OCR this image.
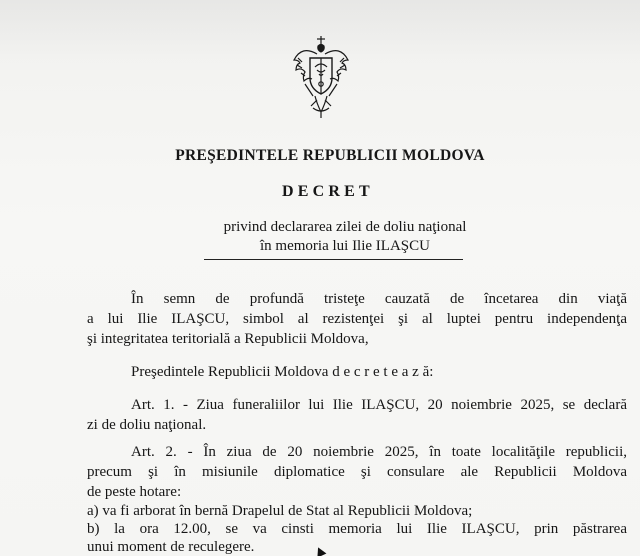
PREŞEDINTELE REPUBLICII MOLDOVA
DECRET
privind declararea zilei de doliu naţional
în memoria lui Ilie ILAŞCU
În semn de profundă tristeţe cauzată de încetarea din viaţă
a lui Ilie ILAŞCU, simbol al rezistenţei şi al luptei pentru independenţa
şi integritatea teritorială a Republicii Moldova,
Preşedintele Republicii Moldova d e c r e t e a z ă:
Art. 1. - Ziua funeraliilor lui Ilie ILAŞCU, 20 noiembrie 2025, se declară
zi de doliu naţional.
Art. 2. - În ziua de 20 noiembrie 2025, în toate localităţile republicii,
precum şi în misiunile diplomatice şi consulare ale Republicii Moldova
de peste hotare:
a) va fi arborat în bernă Drapelul de Stat al Republicii Moldova;
b) la ora 12.00, se va cinsti memoria lui Ilie ILAŞCU, prin păstrarea
unui moment de reculegere.
